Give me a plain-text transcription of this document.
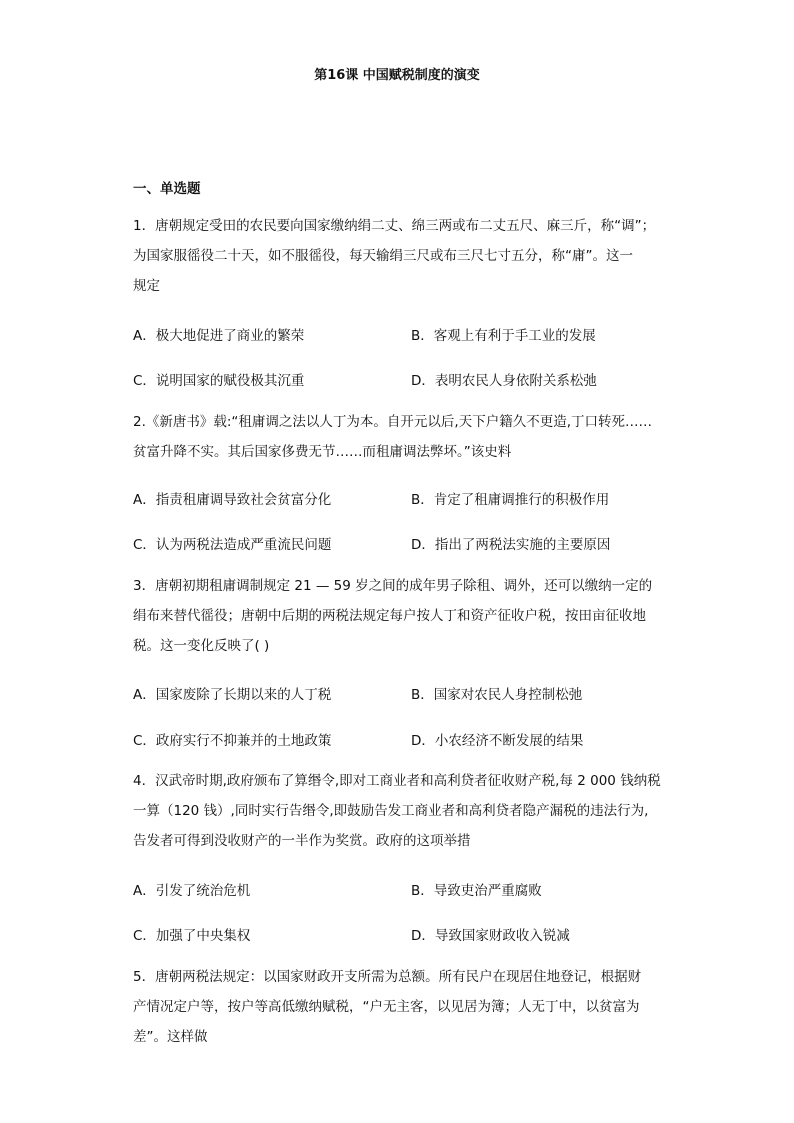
第16课 中国赋税制度的演变
一、单选题

1．唐朝规定受田的农民要向国家缴纳绢二丈、绵三两或布二丈五尺、麻三斤，称“调”；

为国家服徭役二十天，如不服徭役，每天输绢三尺或布三尺七寸五分，称“庸”。这一

规定

A．极大地促进了商业的繁荣	B．客观上有利于手工业的发展
C．说明国家的赋役极其沉重	D．表明农民人身依附关系松弛

2.《新唐书》载:“租庸调之法以人丁为本。自开元以后,天下户籍久不更造,丁口转死……

贫富升降不实。其后国家侈费无节……而租庸调法弊坏。”该史料

A．指责租庸调导致社会贫富分化	B．肯定了租庸调推行的积极作用
C．认为两税法造成严重流民问题	D．指出了两税法实施的主要原因

3．唐朝初期租庸调制规定 21 — 59 岁之间的成年男子除租、调外，还可以缴纳一定的

绢布来替代徭役；唐朝中后期的两税法规定每户按人丁和资产征收户税，按田亩征收地

税。这一变化反映了( )

A．国家废除了长期以来的人丁税	B．国家对农民人身控制松弛
C．政府实行不抑兼并的土地政策	D．小农经济不断发展的结果

4．汉武帝时期,政府颁布了算缗令,即对工商业者和高利贷者征收财产税,每 2 000 钱纳税

一算（120 钱）,同时实行告缗令,即鼓励告发工商业者和高利贷者隐产漏税的违法行为,

告发者可得到没收财产的一半作为奖赏。政府的这项举措

A．引发了统治危机	B．导致吏治严重腐败
C．加强了中央集权	D．导致国家财政收入锐减

5．唐朝两税法规定：以国家财政开支所需为总额。所有民户在现居住地登记，根据财

产情况定户等，按户等高低缴纳赋税，“户无主客，以见居为簿；人无丁中，以贫富为

差”。这样做
